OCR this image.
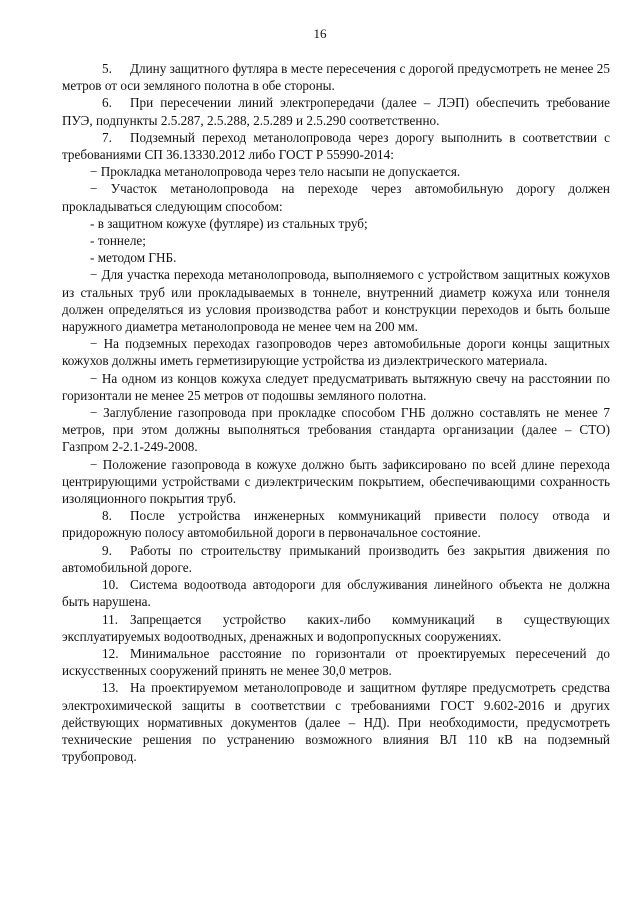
16

5. Длину защитного футляра в месте пересечения с дорогой предусмотреть не менее 25 метров от оси земляного полотна в обе стороны.

6. При пересечении линий электропередачи (далее – ЛЭП) обеспечить требование ПУЭ, подпункты 2.5.287, 2.5.288, 2.5.289 и 2.5.290 соответственно.

7. Подземный переход метанолопровода через дорогу выполнить в соответствии с требованиями СП 36.13330.2012 либо ГОСТ Р 55990-2014:

− Прокладка метанолопровода через тело насыпи не допускается.

− Участок метанолопровода на переходе через автомобильную дорогу должен прокладываться следующим способом:

- в защитном кожухе (футляре) из стальных труб;

- тоннеле;

- методом ГНБ.

− Для участка перехода метанолопровода, выполняемого с устройством защитных кожухов из стальных труб или прокладываемых в тоннеле, внутренний диаметр кожуха или тоннеля должен определяться из условия производства работ и конструкции переходов и быть больше наружного диаметра метанолопровода не менее чем на 200 мм.

− На подземных переходах газопроводов через автомобильные дороги концы защитных кожухов должны иметь герметизирующие устройства из диэлектрического материала.

− На одном из концов кожуха следует предусматривать вытяжную свечу на расстоянии по горизонтали не менее 25 метров от подошвы земляного полотна.

− Заглубление газопровода при прокладке способом ГНБ должно составлять не менее 7 метров, при этом должны выполняться требования стандарта организации (далее – СТО) Газпром 2-2.1-249-2008.

− Положение газопровода в кожухе должно быть зафиксировано по всей длине перехода центрирующими устройствами с диэлектрическим покрытием, обеспечивающими сохранность изоляционного покрытия труб.

8. После устройства инженерных коммуникаций привести полосу отвода и придорожную полосу автомобильной дороги в первоначальное состояние.

9. Работы по строительству примыканий производить без закрытия движения по автомобильной дороге.

10. Система водоотвода автодороги для обслуживания линейного объекта не должна быть нарушена.

11. Запрещается устройство каких-либо коммуникаций в существующих эксплуатируемых водоотводных, дренажных и водопропускных сооружениях.

12. Минимальное расстояние по горизонтали от проектируемых пересечений до искусственных сооружений принять не менее 30,0 метров.

13. На проектируемом метанолопроводе и защитном футляре предусмотреть средства электрохимической защиты в соответствии с требованиями ГОСТ 9.602-2016 и других действующих нормативных документов (далее – НД). При необходимости, предусмотреть технические решения по устранению возможного влияния ВЛ 110 кВ на подземный трубопровод.
